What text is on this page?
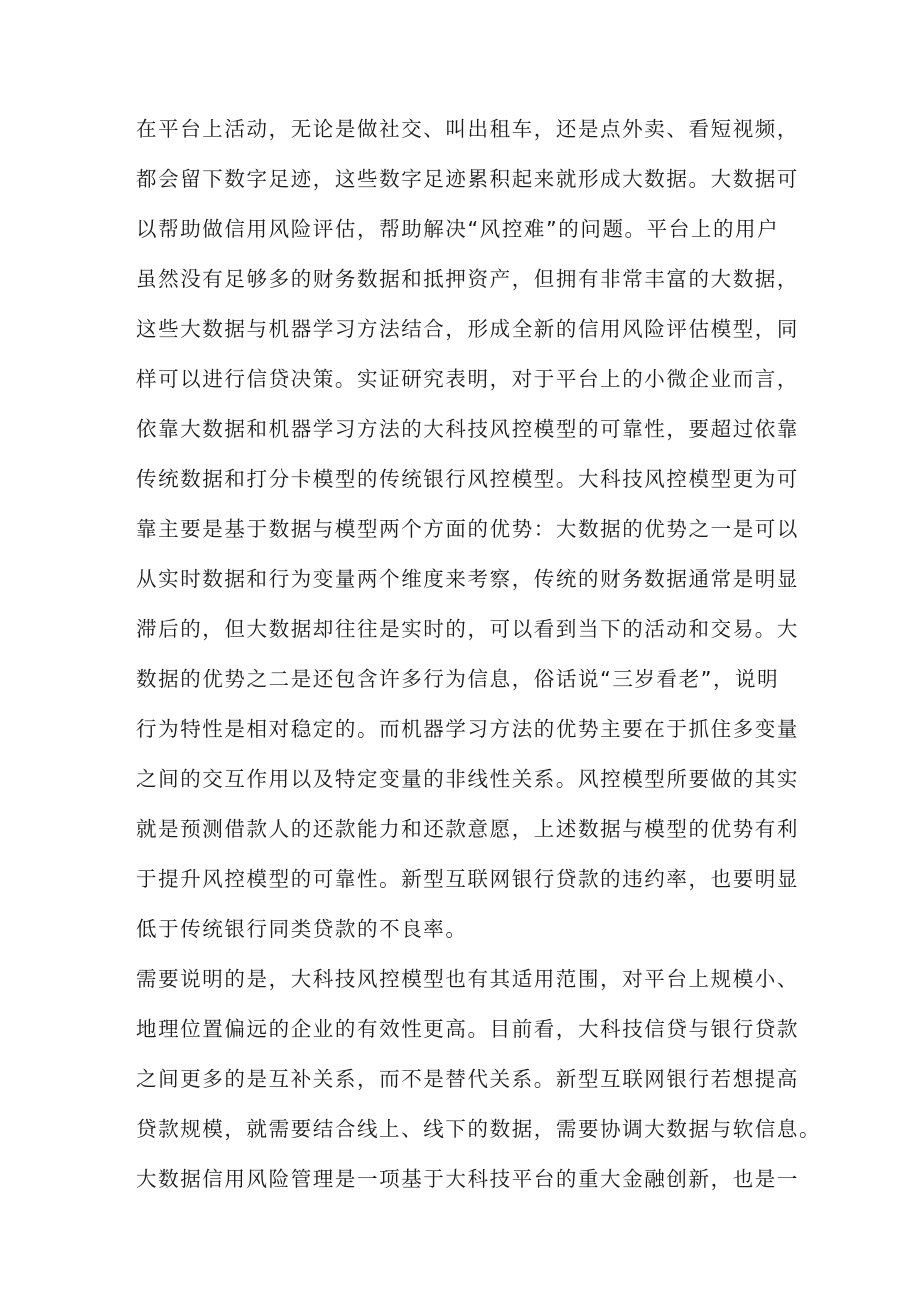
在平台上活动，无论是做社交、叫出租车，还是点外卖、看短视频，
都会留下数字足迹，这些数字足迹累积起来就形成大数据。大数据可
以帮助做信用风险评估，帮助解决“风控难”的问题。平台上的用户
虽然没有足够多的财务数据和抵押资产，但拥有非常丰富的大数据，
这些大数据与机器学习方法结合，形成全新的信用风险评估模型，同
样可以进行信贷决策。实证研究表明，对于平台上的小微企业而言，
依靠大数据和机器学习方法的大科技风控模型的可靠性，要超过依靠
传统数据和打分卡模型的传统银行风控模型。大科技风控模型更为可
靠主要是基于数据与模型两个方面的优势：大数据的优势之一是可以
从实时数据和行为变量两个维度来考察，传统的财务数据通常是明显
滞后的，但大数据却往往是实时的，可以看到当下的活动和交易。大
数据的优势之二是还包含许多行为信息，俗话说“三岁看老”，说明
行为特性是相对稳定的。而机器学习方法的优势主要在于抓住多变量
之间的交互作用以及特定变量的非线性关系。风控模型所要做的其实
就是预测借款人的还款能力和还款意愿，上述数据与模型的优势有利
于提升风控模型的可靠性。新型互联网银行贷款的违约率，也要明显
低于传统银行同类贷款的不良率。
需要说明的是，大科技风控模型也有其适用范围，对平台上规模小、
地理位置偏远的企业的有效性更高。目前看，大科技信贷与银行贷款
之间更多的是互补关系，而不是替代关系。新型互联网银行若想提高
贷款规模，就需要结合线上、线下的数据，需要协调大数据与软信息。
大数据信用风险管理是一项基于大科技平台的重大金融创新，也是一
